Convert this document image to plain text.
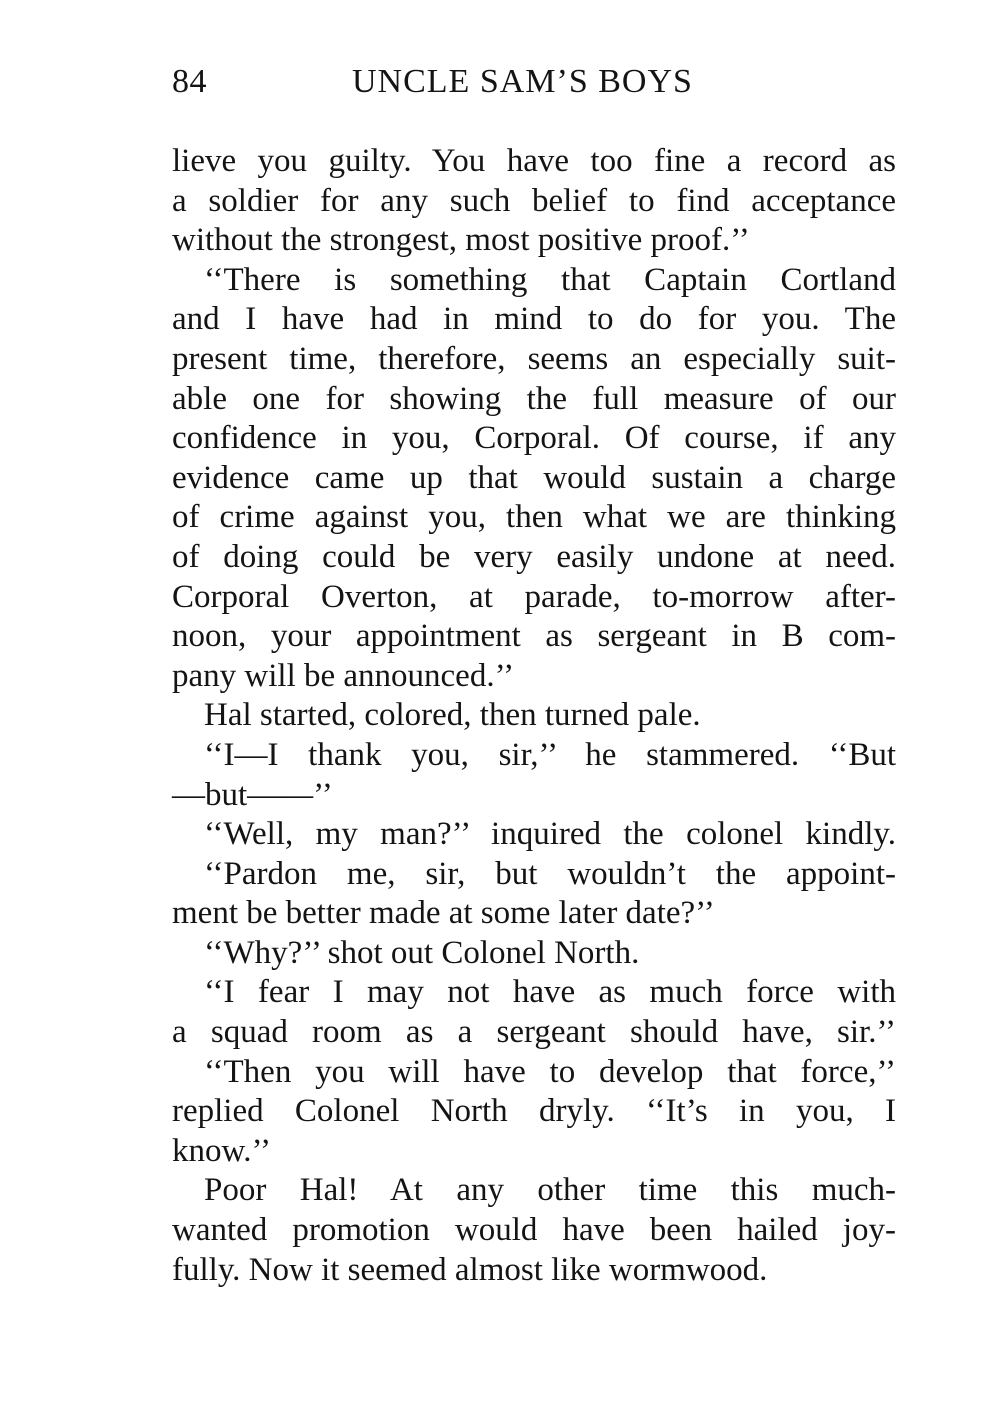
84	UNCLE SAM’S BOYS
lieve you guilty. You have too fine a record as
a soldier for any such belief to find acceptance
without the strongest, most positive proof.’’
‘‘There is something that Captain Cortland
and I have had in mind to do for you. The
present time, therefore, seems an especially suit-
able one for showing the full measure of our
confidence in you, Corporal. Of course, if any
evidence came up that would sustain a charge
of crime against you, then what we are thinking
of doing could be very easily undone at need.
Corporal Overton, at parade, to-morrow after-
noon, your appointment as sergeant in B com-
pany will be announced.’’
Hal started, colored, then turned pale.
‘‘I—I thank you, sir,’’ he stammered. ‘‘But
—but——’’
‘‘Well, my man?’’ inquired the colonel kindly.
‘‘Pardon me, sir, but wouldn’t the appoint-
ment be better made at some later date?’’
‘‘Why?’’ shot out Colonel North.
‘‘I fear I may not have as much force with
a squad room as a sergeant should have, sir.’’
‘‘Then you will have to develop that force,’’
replied Colonel North dryly. ‘‘It’s in you, I
know.’’
Poor Hal! At any other time this much-
wanted promotion would have been hailed joy-
fully. Now it seemed almost like wormwood.
